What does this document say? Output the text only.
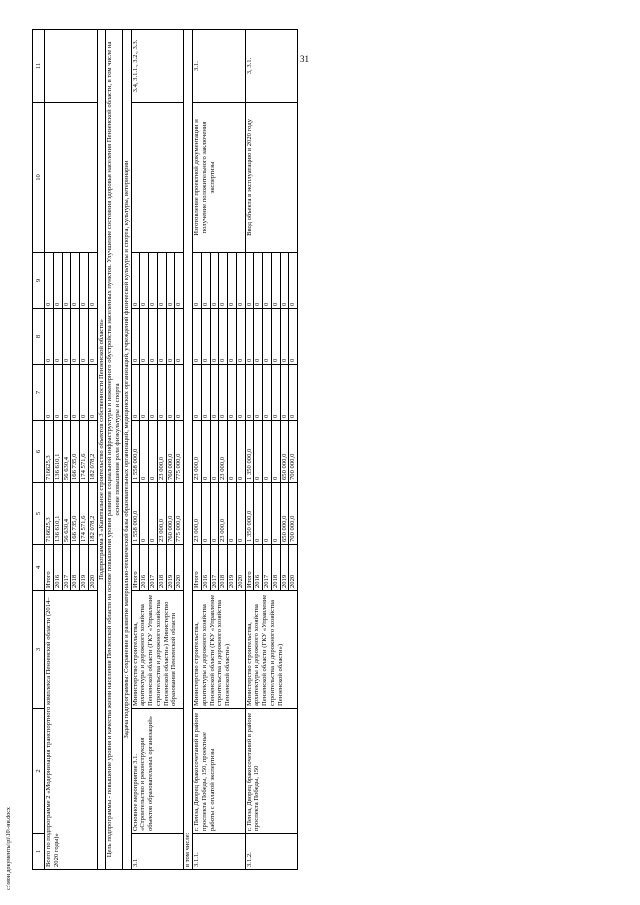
31
1	2	3	4	5	6	7	8	9	10	11
Всего по подпрограмме 2 «Модернизация транспортного комплекса Пензенской области (2014–2020 годы)»			Итого	716625,3	716625,3	0	0	0		
			2016	136 610,1	136 610,1	0	0	0		
			2017	56 630,4	56 630,4	0	0	0		
			2018	166 735,0	166 735,0	0	0	0		
			2019	174 571,6	174 571,6	0	0	0		
			2020	182 078,2	182 078,2	0	0	0		
Подпрограмма 3 «Капитальное строительство объектов собственности Пензенской области»										
Цель подпрограммы - повышение уровня и качества жизни населения Пензенской области на основе повышения уровня развития социальной инфраструктуры и инженерного обустройства населенных пунктов. Улучшение состояния здоровья населения Пензенской области, в том числе на основе повышения роли физкультуры и спорта										
Задача подпрограммы: Сохранение и развитие материально-технической базы образовательных организаций, медицинских организаций, учреждений физической культуры и спорта, культуры, ветеринарии										
3.1	Основное мероприятие 3.1. «Строительство и реконструкция объектов образовательных организаций»	Министерство строительства, архитектуры и дорожного хозяйства Пензенской области (ГКУ «Управление строительства и дорожного хозяйства Пензенской области») Министерство образования Пензенской области	Итого	1 558 000,0	1 558 000,0	0	0	0		3.4, 3.1.1., 3.2., 3.3.
			2016	0	0	0	0	0		
			2017	0	0	0	0	0		
			2018	23 000,0	23 000,0	0	0	0		
			2019	760 000,0	760 000,0	0	0	0		
			2020	775 000,0	775 000,0	0	0	0		
в том числе:										
3.1.1.	г. Пенза, Дворец бракосочетаний в районе проспекта Победы, 150, проектные работы с оплатой экспертизы	Министерство строительства, архитектуры и дорожного хозяйства Пензенской области (ГКУ «Управление строительства и дорожного хозяйства Пензенской области»)	Итого	23 000,0	23 000,0	0	0	0	Изготовление проектной документации и получение положительного заключения экспертизы	3.1.
			2016	0	0	0	0	0		
			2017	0	0	0	0	0		
			2018	23 000,0	23 000,0	0	0	0		
			2019	0	0	0	0	0		
			2020	0	0	0	0	0		
3.1.2.	г. Пенза, Дворец бракосочетаний в районе проспекта Победы, 150	Министерство строительства, архитектуры и дорожного хозяйства Пензенской области (ГКУ «Управление строительства и дорожного хозяйства Пензенской области»)	Итого	1 350 000,0	1 350 000,0	0	0	0	Ввод объекта в эксплуатацию в 2020 году	3, 3.1.
			2016	0	0	0	0	0		
			2017	0	0	0	0	0		
			2018	0	0	0	0	0		
			2019	650 000,0	650 000,0	0	0	0		
			2020	700 000,0	700 000,0	0	0	0		
c:\мои документы\pi\10\-ни.docx
